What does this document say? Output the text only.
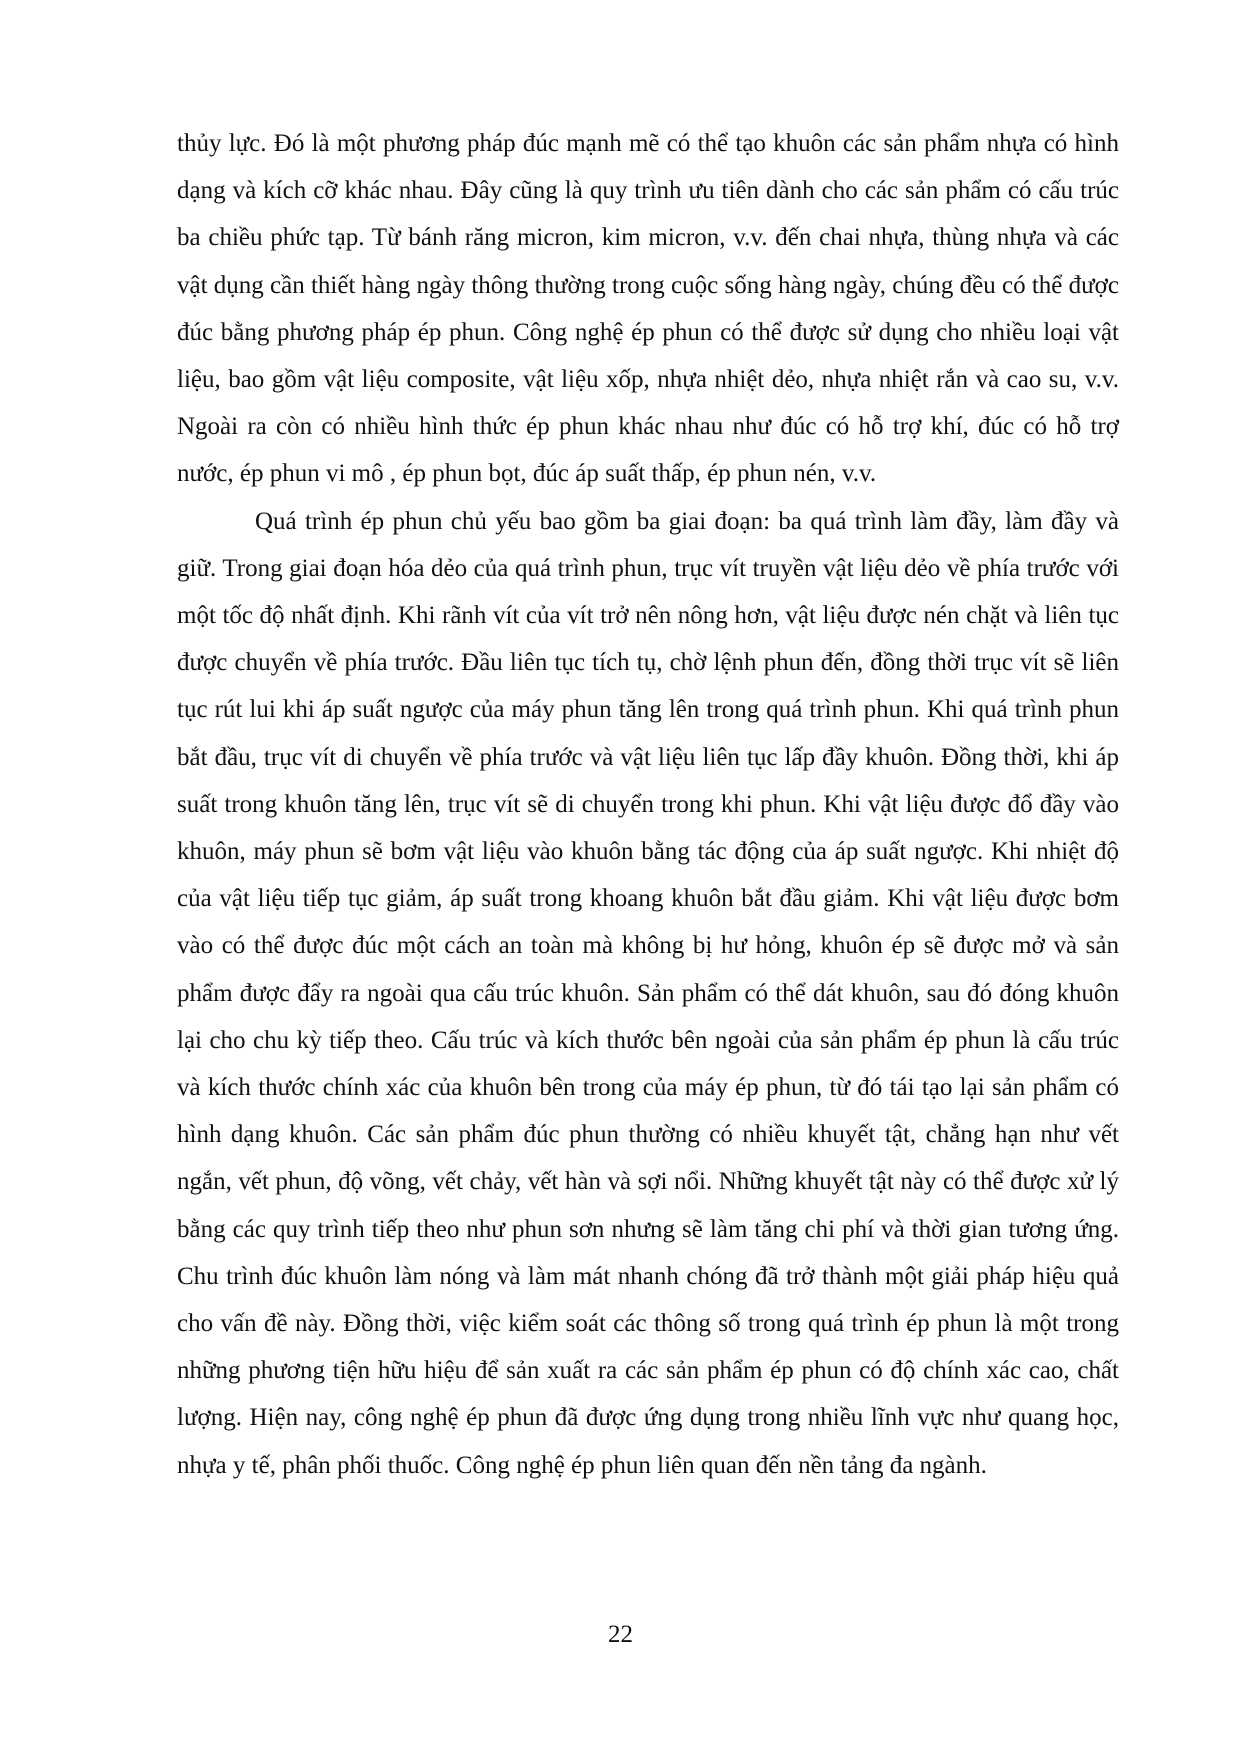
thủy lực. Đó là một phương pháp đúc mạnh mẽ có thể tạo khuôn các sản phẩm nhựa có hình dạng và kích cỡ khác nhau. Đây cũng là quy trình ưu tiên dành cho các sản phẩm có cấu trúc ba chiều phức tạp. Từ bánh răng micron, kim micron, v.v. đến chai nhựa, thùng nhựa và các vật dụng cần thiết hàng ngày thông thường trong cuộc sống hàng ngày, chúng đều có thể được đúc bằng phương pháp ép phun. Công nghệ ép phun có thể được sử dụng cho nhiều loại vật liệu, bao gồm vật liệu composite, vật liệu xốp, nhựa nhiệt dẻo, nhựa nhiệt rắn và cao su, v.v. Ngoài ra còn có nhiều hình thức ép phun khác nhau như đúc có hỗ trợ khí, đúc có hỗ trợ nước, ép phun vi mô , ép phun bọt, đúc áp suất thấp, ép phun nén, v.v.

Quá trình ép phun chủ yếu bao gồm ba giai đoạn: ba quá trình làm đầy, làm đầy và giữ. Trong giai đoạn hóa dẻo của quá trình phun, trục vít truyền vật liệu dẻo về phía trước với một tốc độ nhất định. Khi rãnh vít của vít trở nên nông hơn, vật liệu được nén chặt và liên tục được chuyển về phía trước. Đầu liên tục tích tụ, chờ lệnh phun đến, đồng thời trục vít sẽ liên tục rút lui khi áp suất ngược của máy phun tăng lên trong quá trình phun. Khi quá trình phun bắt đầu, trục vít di chuyển về phía trước và vật liệu liên tục lấp đầy khuôn. Đồng thời, khi áp suất trong khuôn tăng lên, trục vít sẽ di chuyển trong khi phun. Khi vật liệu được đổ đầy vào khuôn, máy phun sẽ bơm vật liệu vào khuôn bằng tác động của áp suất ngược. Khi nhiệt độ của vật liệu tiếp tục giảm, áp suất trong khoang khuôn bắt đầu giảm. Khi vật liệu được bơm vào có thể được đúc một cách an toàn mà không bị hư hỏng, khuôn ép sẽ được mở và sản phẩm được đẩy ra ngoài qua cấu trúc khuôn. Sản phẩm có thể dát khuôn, sau đó đóng khuôn lại cho chu kỳ tiếp theo. Cấu trúc và kích thước bên ngoài của sản phẩm ép phun là cấu trúc và kích thước chính xác của khuôn bên trong của máy ép phun, từ đó tái tạo lại sản phẩm có hình dạng khuôn. Các sản phẩm đúc phun thường có nhiều khuyết tật, chẳng hạn như vết ngắn, vết phun, độ võng, vết chảy, vết hàn và sợi nổi. Những khuyết tật này có thể được xử lý bằng các quy trình tiếp theo như phun sơn nhưng sẽ làm tăng chi phí và thời gian tương ứng. Chu trình đúc khuôn làm nóng và làm mát nhanh chóng đã trở thành một giải pháp hiệu quả cho vấn đề này. Đồng thời, việc kiểm soát các thông số trong quá trình ép phun là một trong những phương tiện hữu hiệu để sản xuất ra các sản phẩm ép phun có độ chính xác cao, chất lượng. Hiện nay, công nghệ ép phun đã được ứng dụng trong nhiều lĩnh vực như quang học, nhựa y tế, phân phối thuốc. Công nghệ ép phun liên quan đến nền tảng đa ngành.

22
